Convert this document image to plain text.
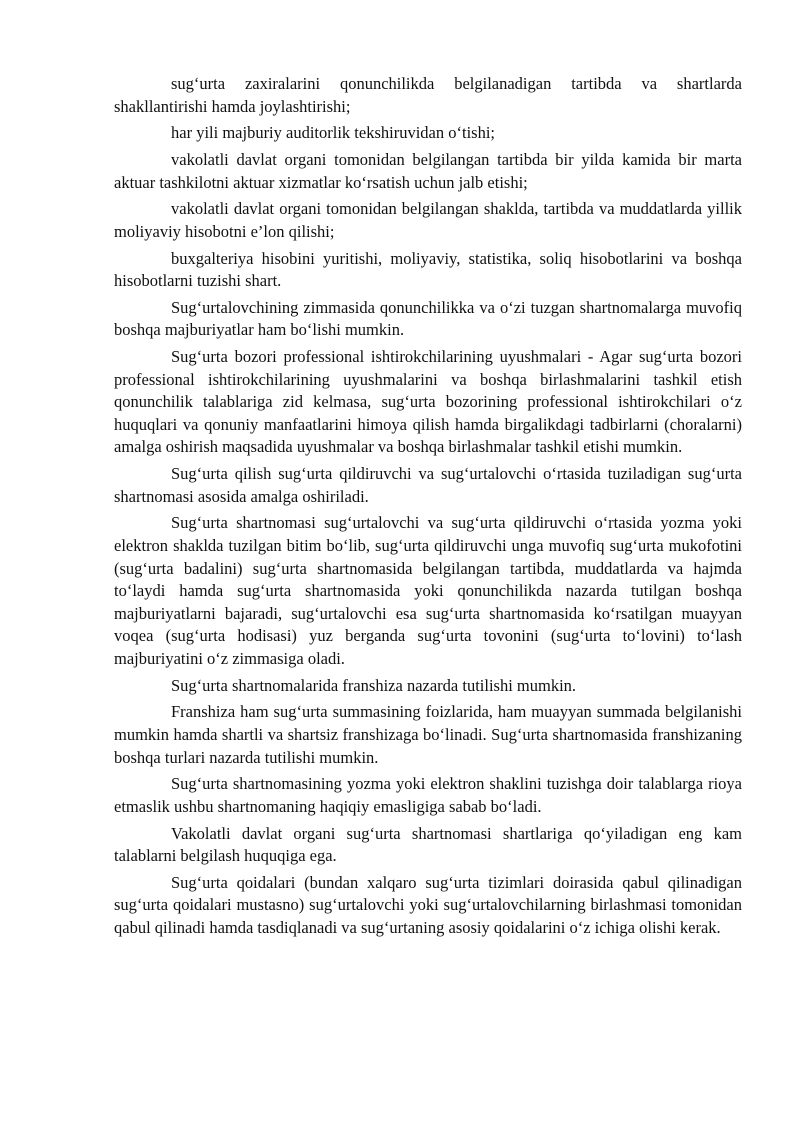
sug‘urta zaxiralarini qonunchilikda belgilanadigan tartibda va shartlarda shakllantirishi hamda joylashtirishi;

har yili majburiy auditorlik tekshiruvidan o‘tishi;

vakolatli davlat organi tomonidan belgilangan tartibda bir yilda kamida bir marta aktuar tashkilotni aktuar xizmatlar ko‘rsatish uchun jalb etishi;

vakolatli davlat organi tomonidan belgilangan shaklda, tartibda va muddatlarda yillik moliyaviy hisobotni e’lon qilishi;

buxgalteriya hisobini yuritishi, moliyaviy, statistika, soliq hisobotlarini va boshqa hisobotlarni tuzishi shart.

Sug‘urtalovchining zimmasida qonunchilikka va o‘zi tuzgan shartnomalarga muvofiq boshqa majburiyatlar ham bo‘lishi mumkin.

Sug‘urta bozori professional ishtirokchilarining uyushmalari - Agar sug‘urta bozori professional ishtirokchilarining uyushmalarini va boshqa birlashmalarini tashkil etish qonunchilik talablariga zid kelmasa, sug‘urta bozorining professional ishtirokchilari o‘z huquqlari va qonuniy manfaatlarini himoya qilish hamda birgalikdagi tadbirlarni (choralarni) amalga oshirish maqsadida uyushmalar va boshqa birlashmalar tashkil etishi mumkin.

Sug‘urta qilish sug‘urta qildiruvchi va sug‘urtalovchi o‘rtasida tuziladigan sug‘urta shartnomasi asosida amalga oshiriladi.

Sug‘urta shartnomasi sug‘urtalovchi va sug‘urta qildiruvchi o‘rtasida yozma yoki elektron shaklda tuzilgan bitim bo‘lib, sug‘urta qildiruvchi unga muvofiq sug‘urta mukofotini (sug‘urta badalini) sug‘urta shartnomasida belgilangan tartibda, muddatlarda va hajmda to‘laydi hamda sug‘urta shartnomasida yoki qonunchilikda nazarda tutilgan boshqa majburiyatlarni bajaradi, sug‘urtalovchi esa sug‘urta shartnomasida ko‘rsatilgan muayyan voqea (sug‘urta hodisasi) yuz berganda sug‘urta tovonini (sug‘urta to‘lovini) to‘lash majburiyatini o‘z zimmasiga oladi.

Sug‘urta shartnomalarida franshiza nazarda tutilishi mumkin.

Franshiza ham sug‘urta summasining foizlarida, ham muayyan summada belgilanishi mumkin hamda shartli va shartsiz franshizaga bo‘linadi. Sug‘urta shartnomasida franshizaning boshqa turlari nazarda tutilishi mumkin.

Sug‘urta shartnomasining yozma yoki elektron shaklini tuzishga doir talablarga rioya etmaslik ushbu shartnomaning haqiqiy emasligiga sabab bo‘ladi.

Vakolatli davlat organi sug‘urta shartnomasi shartlariga qo‘yiladigan eng kam talablarni belgilash huquqiga ega.

Sug‘urta qoidalari (bundan xalqaro sug‘urta tizimlari doirasida qabul qilinadigan sug‘urta qoidalari mustasno) sug‘urtalovchi yoki sug‘urtalovchilarning birlashmasi tomonidan qabul qilinadi hamda tasdiqlanadi va sug‘urtaning asosiy qoidalarini o‘z ichiga olishi kerak.
